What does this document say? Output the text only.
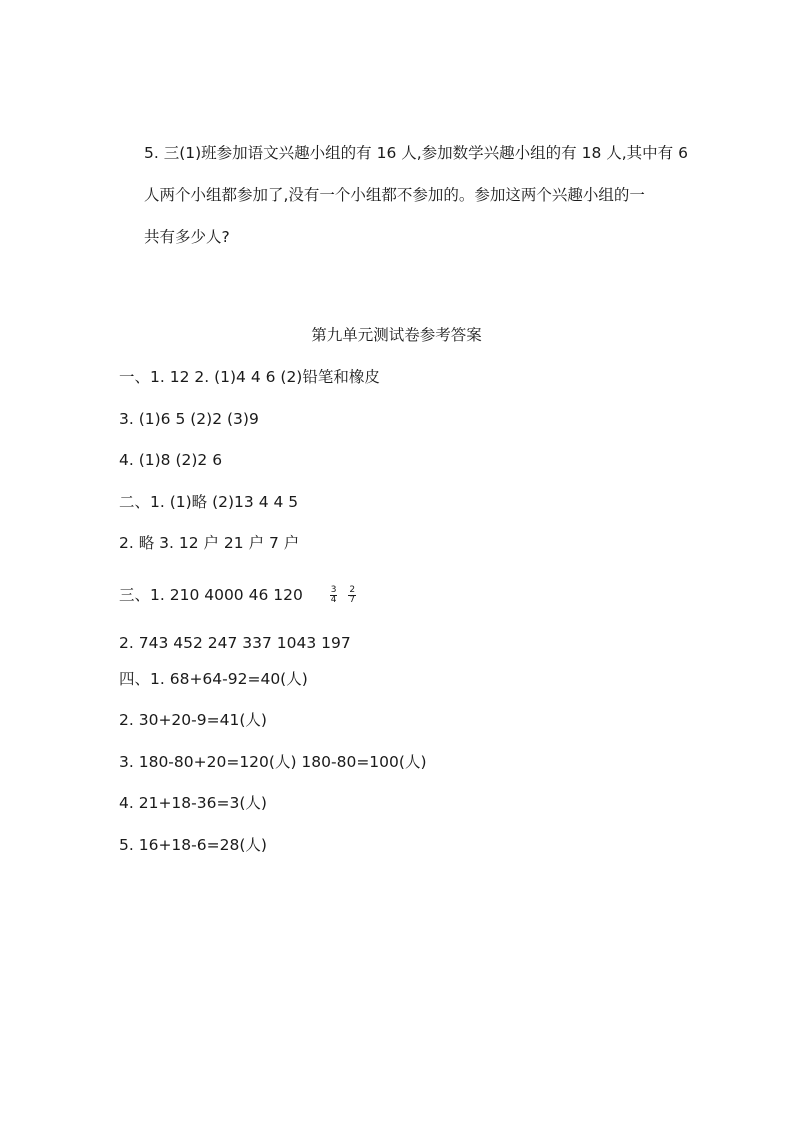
5. 三(1)班参加语文兴趣小组的有 16 人,参加数学兴趣小组的有 18 人,其中有 6
人两个小组都参加了,没有一个小组都不参加的。参加这两个兴趣小组的一
共有多少人?
第九单元测试卷参考答案
一、1. 12 2. (1)4 4 6 (2)铅笔和橡皮
3. (1)6 5 (2)2 (3)9
4. (1)8 (2)2 6
二、1. (1)略 (2)13 4 4 5
2. 略 3. 12 户 21 户 7 户
三、1. 210 4000 46 120	$\frac{3}{4}$
$\frac{2}{7}$
2. 743 452 247 337 1043 197
四、1. 68+64-92=40(人)
2. 30+20-9=41(人)
3. 180-80+20=120(人) 180-80=100(人)
4. 21+18-36=3(人)
5. 16+18-6=28(人)
